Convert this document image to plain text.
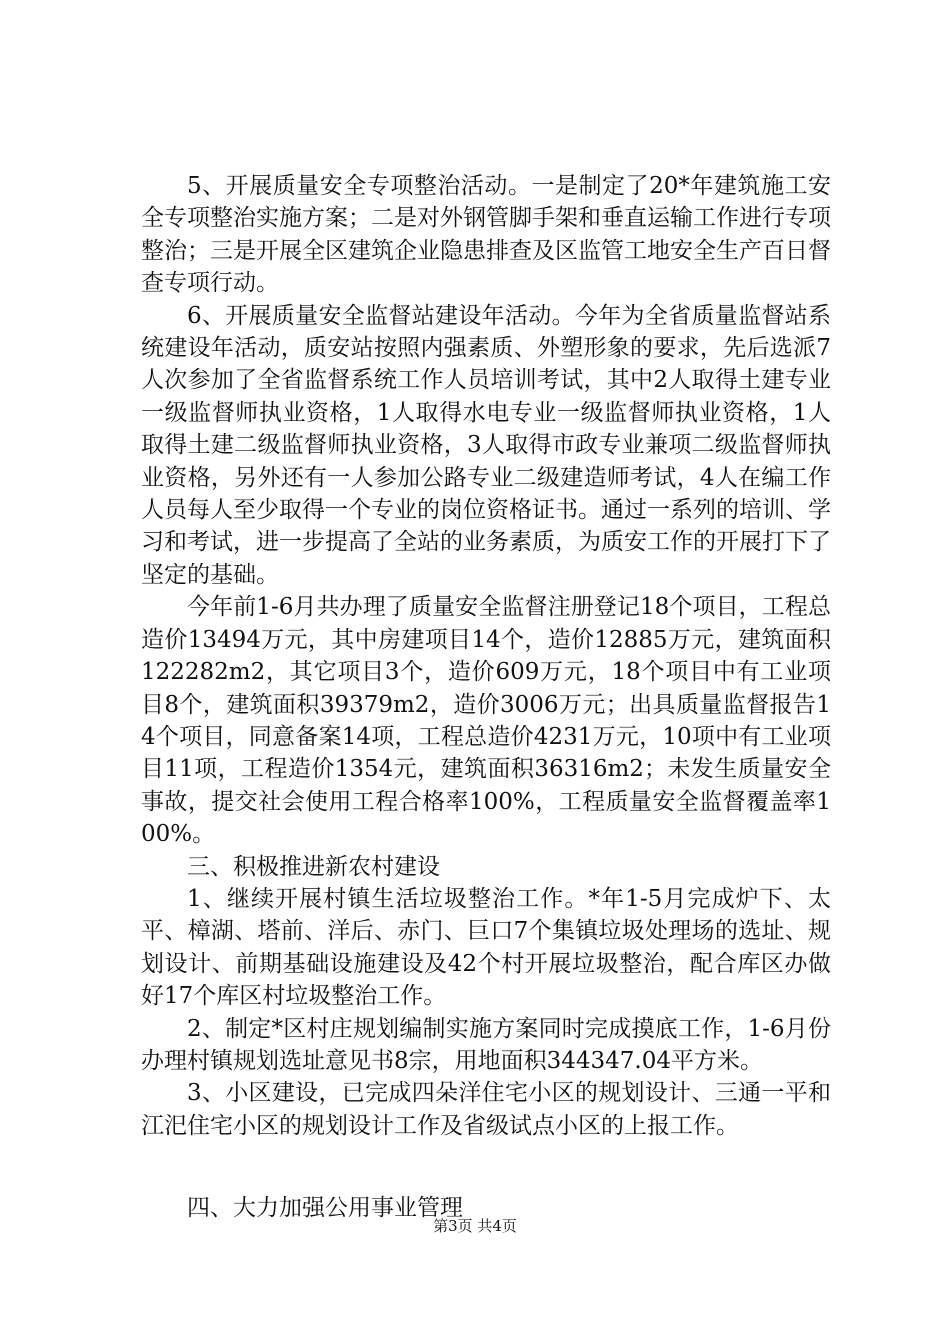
5、开展质量安全专项整治活动。一是制定了20*年建筑施工安全专项整治实施方案；二是对外钢管脚手架和垂直运输工作进行专项整治；三是开展全区建筑企业隐患排查及区监管工地安全生产百日督查专项行动。

6、开展质量安全监督站建设年活动。今年为全省质量监督站系统建设年活动，质安站按照内强素质、外塑形象的要求，先后选派7人次参加了全省监督系统工作人员培训考试，其中2人取得土建专业一级监督师执业资格，1人取得水电专业一级监督师执业资格，1人取得土建二级监督师执业资格，3人取得市政专业兼项二级监督师执业资格，另外还有一人参加公路专业二级建造师考试，4人在编工作人员每人至少取得一个专业的岗位资格证书。通过一系列的培训、学习和考试，进一步提高了全站的业务素质，为质安工作的开展打下了坚定的基础。

今年前1-6月共办理了质量安全监督注册登记18个项目，工程总造价13494万元，其中房建项目14个，造价12885万元，建筑面积122282m2，其它项目3个，造价609万元，18个项目中有工业项目8个，建筑面积39379m2，造价3006万元；出具质量监督报告14个项目，同意备案14项，工程总造价4231万元，10项中有工业项目11项，工程造价1354元，建筑面积36316m2；未发生质量安全事故，提交社会使用工程合格率100%，工程质量安全监督覆盖率100%。

三、积极推进新农村建设

1、继续开展村镇生活垃圾整治工作。*年1-5月完成炉下、太平、樟湖、塔前、洋后、赤门、巨口7个集镇垃圾处理场的选址、规划设计、前期基础设施建设及42个村开展垃圾整治，配合库区办做好17个库区村垃圾整治工作。

2、制定*区村庄规划编制实施方案同时完成摸底工作，1-6月份办理村镇规划选址意见书8宗，用地面积344347.04平方米。

3、小区建设，已完成四朵洋住宅小区的规划设计、三通一平和江汜住宅小区的规划设计工作及省级试点小区的上报工作。

四、大力加强公用事业管理

第3页 共4页
